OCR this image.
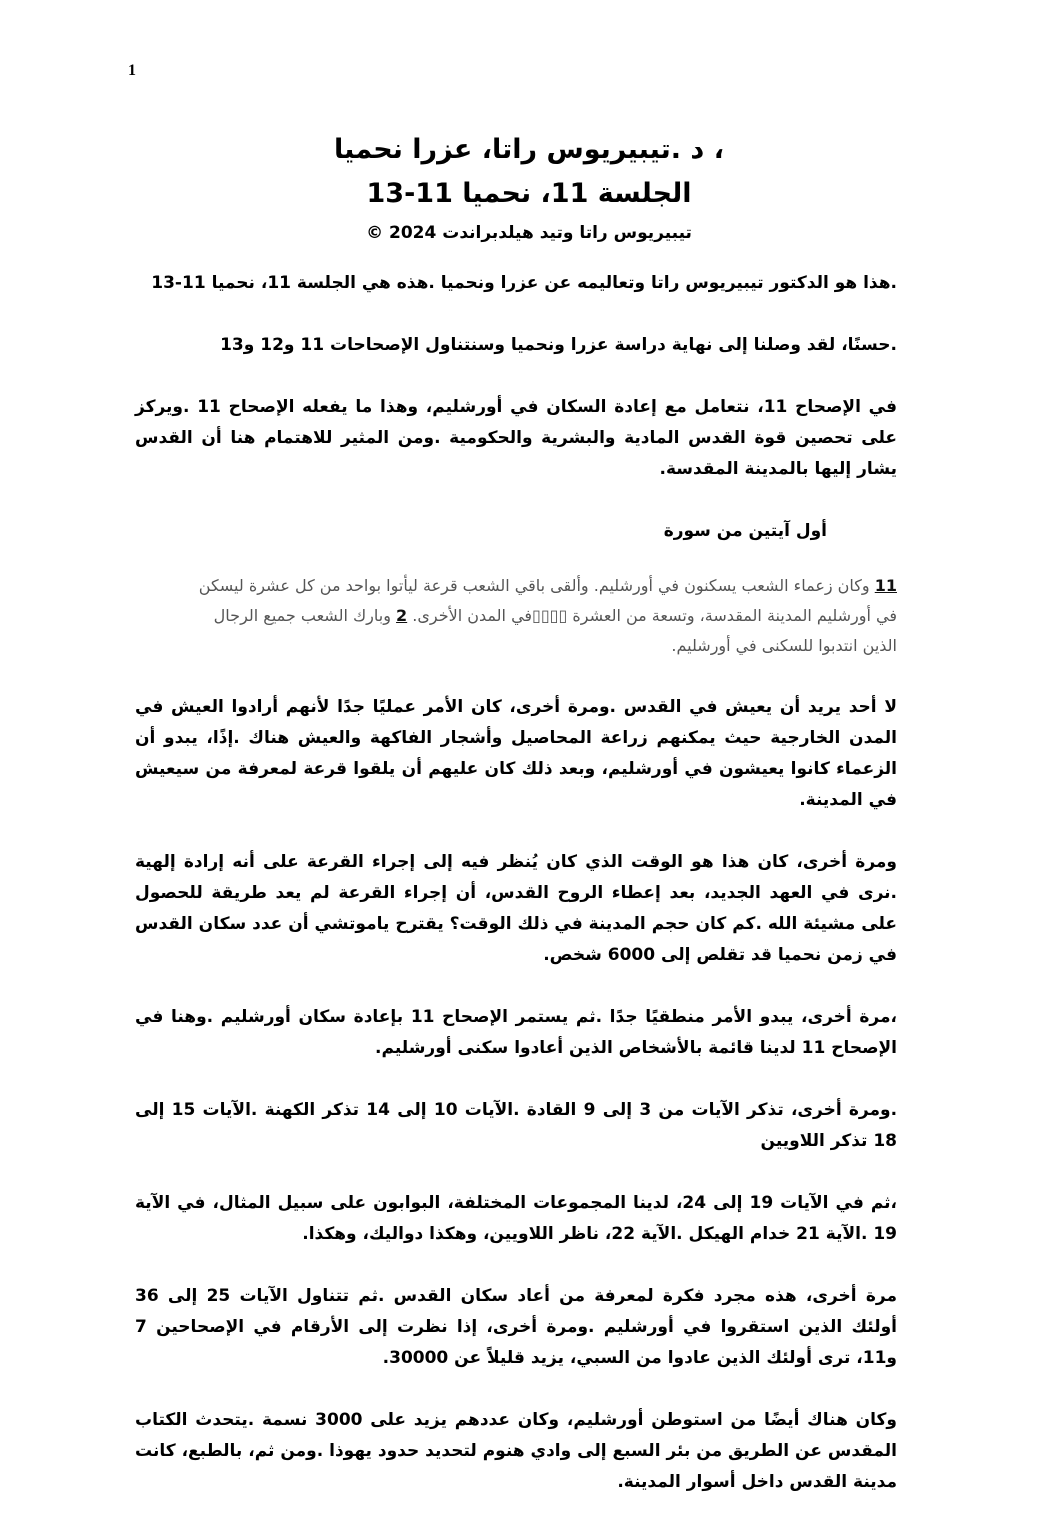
1
، د .تيبيريوس راتا، عزرا نحميا
الجلسة 11، نحميا 11-13
تيبيريوس راتا وتيد هيلدبراندت 2024 ©

.هذا هو الدكتور تيبيريوس راتا وتعاليمه عن عزرا ونحميا .هذه هي الجلسة 11، نحميا 11-13

.حسنًا، لقد وصلنا إلى نهاية دراسة عزرا ونحميا وسنتناول الإصحاحات 11 و12 و13

في الإصحاح 11، نتعامل مع إعادة السكان في أورشليم، وهذا ما يفعله الإصحاح 11 .ويركز على تحصين قوة القدس المادية والبشرية والحكومية .ومن المثير للاهتمام هنا أن القدس يشار إليها بالمدينة المقدسة.

أول آيتين من سورة

11 وكان زعماء الشعب يسكنون في أورشليم. وألقى باقي الشعب قرعة ليأتوا بواحد من كل عشرة ليسكن في أورشليم المدينة المقدسة، وتسعة من العشرة ▯▯▯▯في المدن الأخرى. 2 وبارك الشعب جميع الرجال الذين انتدبوا للسكنى في أورشليم.

لا أحد يريد أن يعيش في القدس .ومرة أخرى، كان الأمر عمليًا جدًا لأنهم أرادوا العيش في المدن الخارجية حيث يمكنهم زراعة المحاصيل وأشجار الفاكهة والعيش هناك .إذًا، يبدو أن الزعماء كانوا يعيشون في أورشليم، وبعد ذلك كان عليهم أن يلقوا قرعة لمعرفة من سيعيش في المدينة.

ومرة أخرى، كان هذا هو الوقت الذي كان يُنظر فيه إلى إجراء القرعة على أنه إرادة إلهية .نرى في العهد الجديد، بعد إعطاء الروح القدس، أن إجراء القرعة لم يعد طريقة للحصول على مشيئة الله .كم كان حجم المدينة في ذلك الوقت؟ يقترح ياموتشي أن عدد سكان القدس في زمن نحميا قد تقلص إلى 6000 شخص.

،مرة أخرى، يبدو الأمر منطقيًا جدًا .ثم يستمر الإصحاح 11 بإعادة سكان أورشليم .وهنا في الإصحاح 11 لدينا قائمة بالأشخاص الذين أعادوا سكنى أورشليم.

.ومرة أخرى، تذكر الآيات من 3 إلى 9 القادة .الآيات 10 إلى 14 تذكر الكهنة .الآيات 15 إلى 18 تذكر اللاويين

،ثم في الآيات 19 إلى 24، لدينا المجموعات المختلفة، البوابون على سبيل المثال، في الآية 19 .الآية 21 خدام الهيكل .الآية 22، ناظر اللاويين، وهكذا دواليك، وهكذا.

مرة أخرى، هذه مجرد فكرة لمعرفة من أعاد سكان القدس .ثم تتناول الآيات 25 إلى 36 أولئك الذين استقروا في أورشليم .ومرة أخرى، إذا نظرت إلى الأرقام في الإصحاحين 7 و11، ترى أولئك الذين عادوا من السبي، يزيد قليلاً عن 30000.

وكان هناك أيضًا من استوطن أورشليم، وكان عددهم يزيد على 3000 نسمة .يتحدث الكتاب المقدس عن الطريق من بئر السبع إلى وادي هنوم لتحديد حدود يهوذا .ومن ثم، بالطبع، كانت مدينة القدس داخل أسوار المدينة.
